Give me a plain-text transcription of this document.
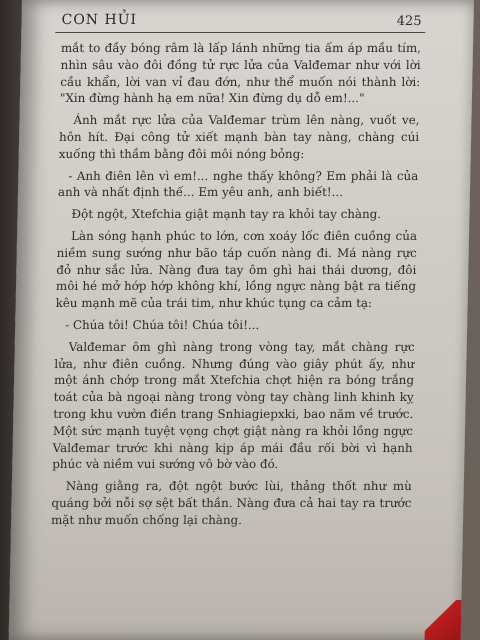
CON HỦI	425

mắt to đầy bóng râm là lấp lánh những tia ấm áp mầu tím, nhìn sâu vào đôi đồng tử rực lửa của Valđemar như với lời cầu khẩn, lời van vỉ đau đớn, như thể muốn nói thành lời: "Xin đừng hành hạ em nữa! Xin đừng dụ dỗ em!..."

Ánh mắt rực lửa của Valđemar trùm lên nàng, vuốt ve, hôn hít. Đại công tử xiết mạnh bàn tay nàng, chàng cúi xuống thì thầm bằng đôi môi nóng bỏng:

- Anh điên lên vì em!... nghe thấy không? Em phải là của anh và nhất định thế... Em yêu anh, anh biết!...

Đột ngột, Xtefchia giật mạnh tay ra khỏi tay chàng.

Làn sóng hạnh phúc to lớn, cơn xoáy lốc điên cuồng của niềm sung sướng như bão táp cuốn nàng đi. Má nàng rực đỏ như sắc lửa. Nàng đưa tay ôm ghì hai thái dương, đôi môi hé mở hớp hớp không khí, lồng ngực nàng bật ra tiếng kêu mạnh mẽ của trái tim, như khúc tụng ca cảm tạ:

- Chúa tôi! Chúa tôi! Chúa tôi!...

Valđemar ôm ghì nàng trong vòng tay, mắt chàng rực lửa, như điên cuồng. Nhưng đúng vào giây phút ấy, như một ánh chớp trong mắt Xtefchia chợt hiện ra bóng trắng toát của bà ngoại nàng trong vòng tay chàng linh khinh kỵ trong khu vườn điền trang Snhiagiepxki, bao năm về trước. Một sức mạnh tuyệt vọng chợt giật nàng ra khỏi lồng ngực Valđemar trước khi nàng kịp áp mái đầu rối bời vì hạnh phúc và niềm vui sướng vô bờ vào đó.

Nàng giằng ra, đột ngột bước lùi, thảng thốt như mù quáng bởi nỗi sợ sệt bất thần. Nàng đưa cả hai tay ra trước mặt như muốn chống lại chàng.
